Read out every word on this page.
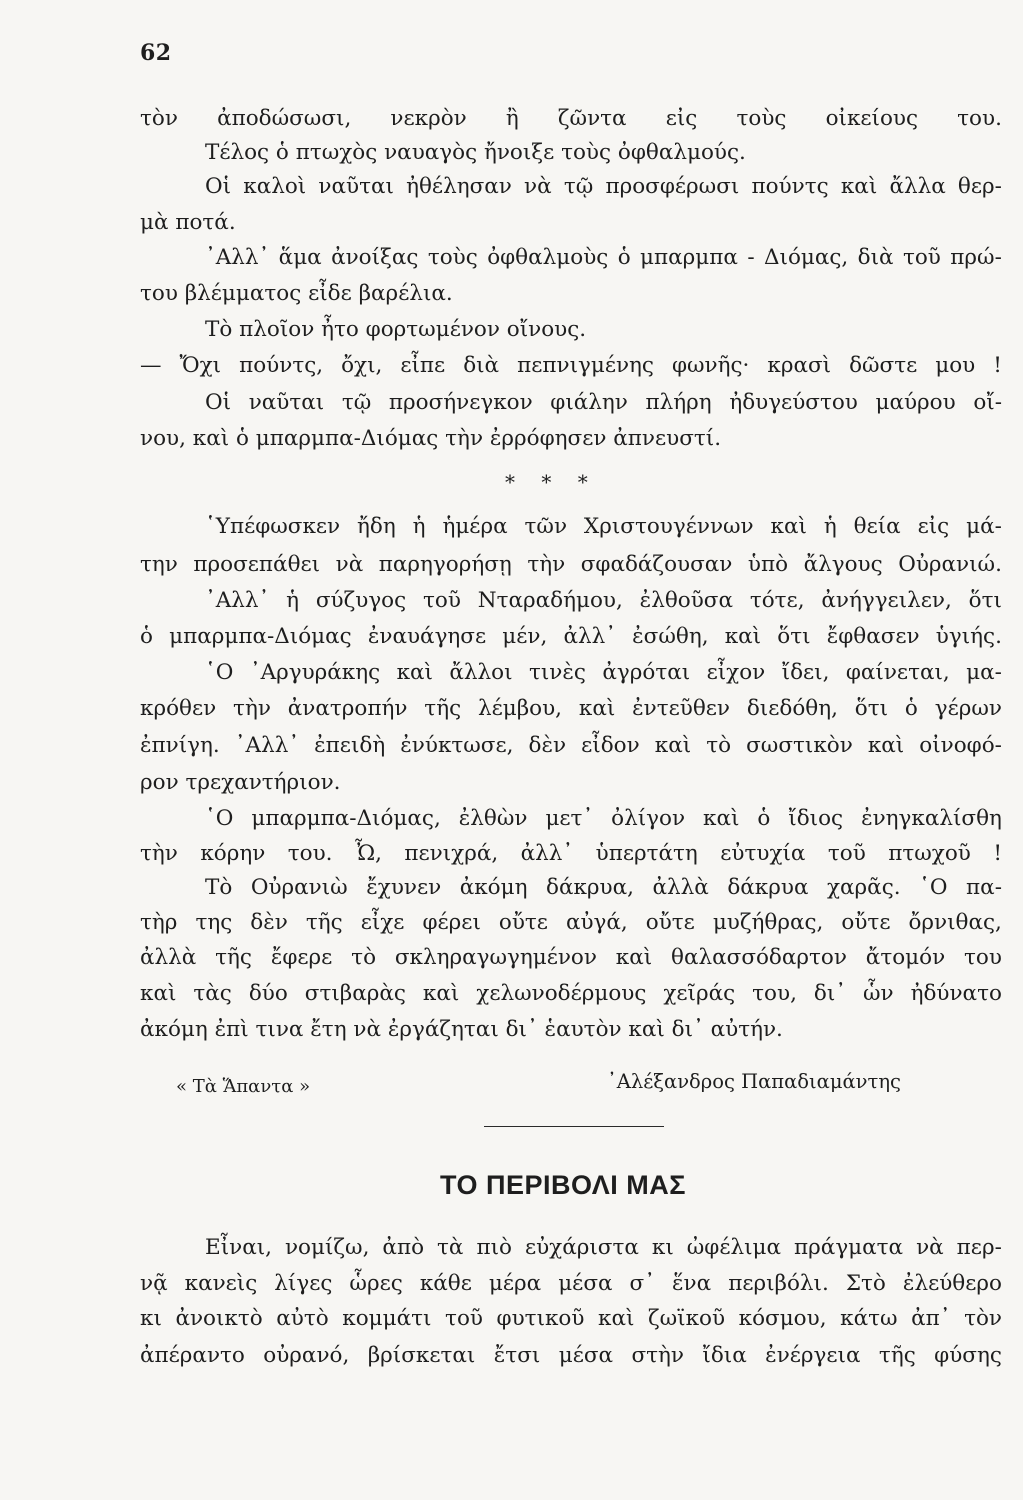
62
τὸν ἀποδώσωσι, νεκρὸν ἢ ζῶντα εἰς τοὺς οἰκείους του.
Τέλος ὁ πτωχὸς ναυαγὸς ἤνοιξε τοὺς ὀφθαλμούς.
Οἱ καλοὶ ναῦται ἠθέλησαν νὰ τῷ προσφέρωσι πούντς καὶ ἄλλα θερ-
μὰ ποτά.
᾿Αλλ᾿ ἅμα ἀνοίξας τοὺς ὀφθαλμοὺς ὁ μπαρμπα - Διόμας, διὰ τοῦ πρώ-
του βλέμματος εἶδε βαρέλια.
Τὸ πλοῖον ἦτο φορτωμένον οἴνους.
— Ὄχι πούντς, ὄχι, εἶπε διὰ πεπνιγμένης φωνῆς· κρασὶ δῶστε μου !
Οἱ ναῦται τῷ προσήνεγκον φιάλην πλήρη ἠδυγεύστου μαύρου οἴ-
νου, καὶ ὁ μπαρμπα-Διόμας τὴν ἐρρόφησεν ἀπνευστί.
* * *
῾Υπέφωσκεν ἤδη ἡ ἡμέρα τῶν Χριστουγέννων καὶ ἡ θεία εἰς μά-
την προσεπάθει νὰ παρηγορήσῃ τὴν σφαδάζουσαν ὑπὸ ἄλγους Οὐρανιώ.
᾿Αλλ᾿ ἡ σύζυγος τοῦ Νταραδήμου, ἐλθοῦσα τότε, ἀνήγγειλεν, ὅτι
ὁ μπαρμπα-Διόμας ἐναυάγησε μέν, ἀλλ᾿ ἐσώθη, καὶ ὅτι ἔφθασεν ὑγιής.
῾Ο ᾿Αργυράκης καὶ ἄλλοι τινὲς ἀγρόται εἶχον ἴδει, φαίνεται, μα-
κρόθεν τὴν ἀνατροπήν τῆς λέμβου, καὶ ἐντεῦθεν διεδόθη, ὅτι ὁ γέρων
ἐπνίγη. ᾿Αλλ᾿ ἐπειδὴ ἐνύκτωσε, δὲν εἶδον καὶ τὸ σωστικὸν καὶ οἰνοφό-
ρον τρεχαντήριον.
῾Ο μπαρμπα-Διόμας, ἐλθὼν μετ᾿ ὀλίγον καὶ ὁ ἴδιος ἐνηγκαλίσθη
τὴν κόρην του. Ὦ, πενιχρά, ἀλλ᾿ ὑπερτάτη εὐτυχία τοῦ πτωχοῦ !
Τὸ Οὐρανιὼ ἔχυνεν ἀκόμη δάκρυα, ἀλλὰ δάκρυα χαρᾶς. ῾Ο πα-
τὴρ της δὲν τῆς εἶχε φέρει οὔτε αὐγά, οὔτε μυζήθρας, οὔτε ὄρνιθας,
ἀλλὰ τῆς ἔφερε τὸ σκληραγωγημένον καὶ θαλασσόδαρτον ἄτομόν του
καὶ τὰς δύο στιβαρὰς καὶ χελωνοδέρμους χεῖράς του, δι᾿ ὧν ἠδύνατο
ἀκόμη ἐπὶ τινα ἔτη νὰ ἐργάζηται δι᾿ ἑαυτὸν καὶ δι᾿ αὐτήν.
« Τὰ Ἅπαντα »	᾿Αλέξανδρος Παπαδιαμάντης
ΤΟ ΠΕΡΙΒΟΛΙ ΜΑΣ
Εἶναι, νομίζω, ἀπὸ τὰ πιὸ εὐχάριστα κι ὠφέλιμα πράγματα νὰ περ-
νᾷ κανεὶς λίγες ὧρες κάθε μέρα μέσα σ᾿ ἕνα περιβόλι. Στὸ ἐλεύθερο
κι ἀνοικτὸ αὐτὸ κομμάτι τοῦ φυτικοῦ καὶ ζωϊκοῦ κόσμου, κάτω ἀπ᾿ τὸν
ἀπέραντο οὐρανό, βρίσκεται ἔτσι μέσα στὴν ἴδια ἐνέργεια τῆς φύσης
